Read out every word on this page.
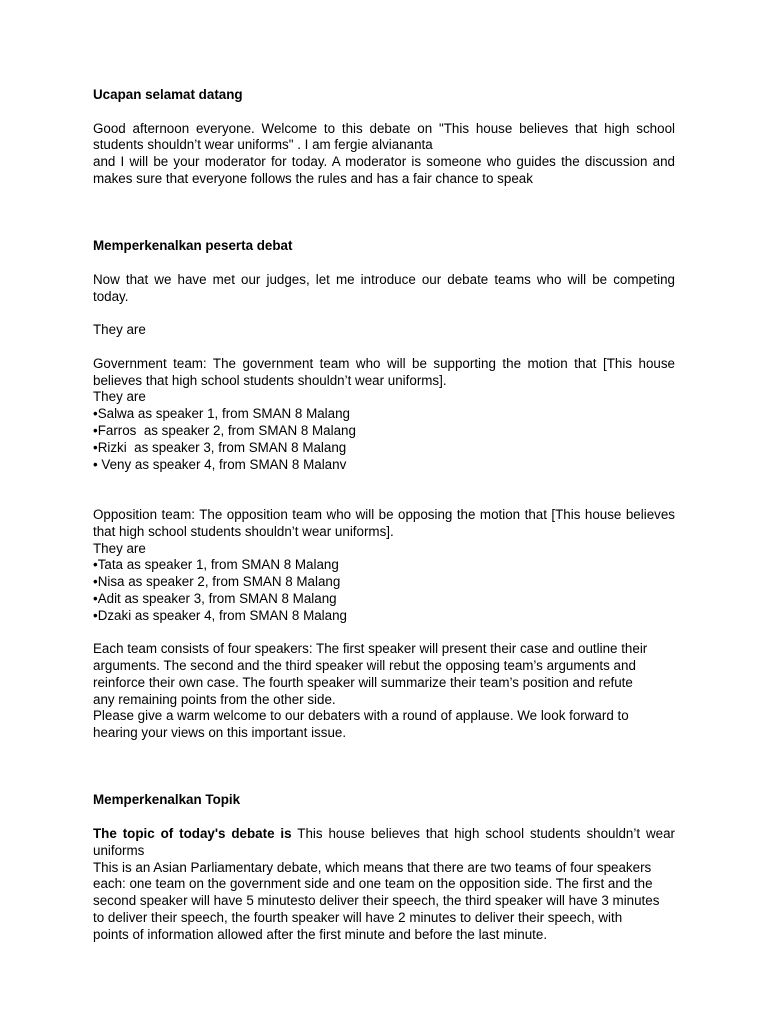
Ucapan selamat datang

Good afternoon everyone. Welcome to this debate on "This house believes that high school

students shouldn’t wear uniforms" . I am fergie alviananta

and I will be your moderator for today. A moderator is someone who guides the discussion and

makes sure that everyone follows the rules and has a fair chance to speak

Memperkenalkan peserta debat

Now that we have met our judges, let me introduce our debate teams who will be competing

today.

They are

Government team: The government team who will be supporting the motion that [This house

believes that high school students shouldn’t wear uniforms].

They are

•Salwa as speaker 1, from SMAN 8 Malang

•Farros  as speaker 2, from SMAN 8 Malang

•Rizki  as speaker 3, from SMAN 8 Malang

• Veny as speaker 4, from SMAN 8 Malanv

Opposition team: The opposition team who will be opposing the motion that [This house believes

that high school students shouldn’t wear uniforms].

They are

•Tata as speaker 1, from SMAN 8 Malang

•Nisa as speaker 2, from SMAN 8 Malang

•Adit as speaker 3, from SMAN 8 Malang

•Dzaki as speaker 4, from SMAN 8 Malang

Each team consists of four speakers: The first speaker will present their case and outline their

arguments. The second and the third speaker will rebut the opposing team’s arguments and

reinforce their own case. The fourth speaker will summarize their team’s position and refute

any remaining points from the other side.

Please give a warm welcome to our debaters with a round of applause. We look forward to

hearing your views on this important issue.

Memperkenalkan Topik

The topic of today's debate is This house believes that high school students shouldn’t wear

uniforms

This is an Asian Parliamentary debate, which means that there are two teams of four speakers

each: one team on the government side and one team on the opposition side. The first and the

second speaker will have 5 minutesto deliver their speech, the third speaker will have 3 minutes

to deliver their speech, the fourth speaker will have 2 minutes to deliver their speech, with

points of information allowed after the first minute and before the last minute.
